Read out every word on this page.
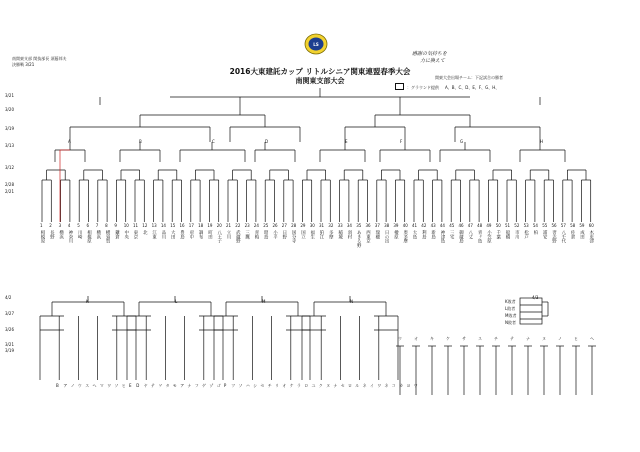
南関東支部 関技部長 須藤邦夫
決勝戦 3/21
LS
2016大東建託カップ リトルシニア関東連盟春季大会
南関東支部大会
感謝の気持ちを
力に換えて
関東大会出場チーム：下記試合の勝者
：グラウンド提供 A、B、C、D、E、F、G、H、
3/21
3/20
3/19
3/13
3/12
2/28
2/21
4/2
3/27
3/26
3/21
3/19
A	B	C	D	E	F	G	H
K	L	M	N	K敗者
L敗者
M敗者
N敗者
4/3
B ア ノ ウ ス ヘ マ ワ ソ ヒ E D ヤ テ ヲ タ モ ア ナ フ ゲ ゾ ゴ P ツ ソ ハ シ セ チ リ オ ケ ラ ロ ユ ク ヌ ナ セ ロ ル ネ イ ワ ネ コ カ ヨ ワ
ウ	オ	キ	ケ	サ	ス	チ	テ	ナ	ヌ	ノ	ヒ	ヘ
1 2 3 4 5 6 7 8 9 10 11 12 13 14 15 16 17 18 19 20 21 22 23 24 25 26 27 28 29 30 31 32 33 34 35 36 37 38 39 40 41 42 43 44 45 46 47 48 49 50 51 52 53 54 55 56 57 58 59 60
相模原 長野 横浜 神奈川 川崎 相模原 横浜 横須賀 鎌倉 中央 東京 北 江東 品川 大田 豊島 府中 調布 町田 八王子 立川 武蔵野 三鷹 青梅 昭島 小平 日野 国分寺 国立 福生 狛江 多摩 稲城 羽村 あきる野 西東京 瑞穂 日の出 檜原 奥多摩 大島 利島 新島 神津島 三宅 御蔵島 八丈 青ヶ島 小笠原 千葉 船橋 市川 松戸 柏 浦安 習志野 八千代 佐倉 成田 木更津
